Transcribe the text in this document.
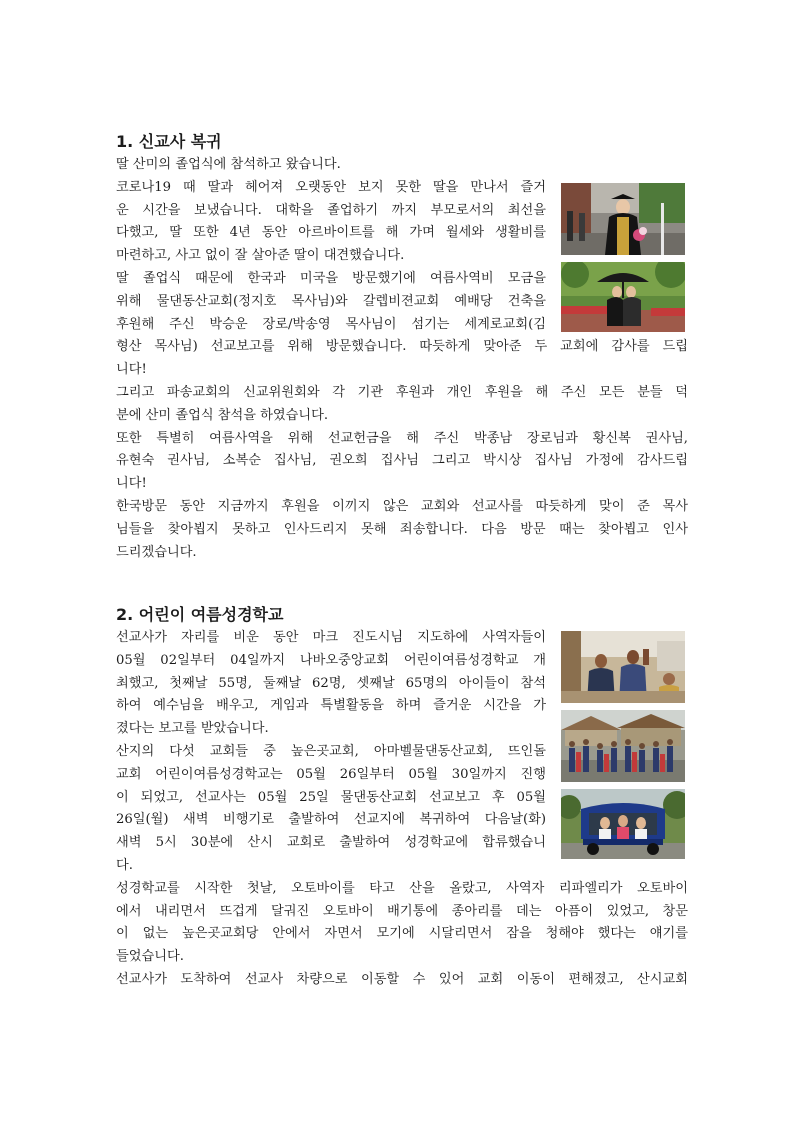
1. 신교사 복귀
딸 산미의 졸업식에 참석하고 왔습니다.
코로나19 때 딸과 헤어져 오랫동안 보지 못한 딸을 만나서 즐거
운 시간을 보냈습니다. 대학을 졸업하기 까지 부모로서의 최선을
다했고, 딸 또한 4년 동안 아르바이트를 해 가며 월세와 생활비를
마련하고, 사고 없이 잘 살아준 딸이 대견했습니다.
딸 졸업식 때문에 한국과 미국을 방문했기에 여름사역비 모금을
위해 물댄동산교회(정지호 목사님)와 갈렙비젼교회 예배당 건축을
후원해 주신 박승운 장로/박송영 목사님이 섬기는 세계로교회(김
형산 목사님) 선교보고를 위해 방문했습니다. 따듯하게 맞아준 두 교회에 감사를 드립
니다!
그리고 파송교회의 신교위원회와 각 기관 후원과 개인 후원을 해 주신 모든 분들 덕
분에 산미 졸업식 참석을 하였습니다.
또한 특별히 여름사역을 위해 선교헌금을 해 주신 박종남 장로님과 황신복 권사님,
유현숙 권사님, 소복순 집사님, 권오희 집사님 그리고 박시상 집사님 가정에 감사드립
니다!
한국방문 동안 지금까지 후원을 이끼지 않은 교회와 선교사를 따듯하게 맞이 준 목사
님들을 찾아뵙지 못하고 인사드리지 못해 죄송합니다. 다음 방문 때는 찾아뵙고 인사
드리겠습니다.
2. 어린이 여름성경학교
선교사가 자리를 비운 동안 마크 진도시님 지도하에 사역자들이
05월 02일부터 04일까지 나바오중앙교회 어린이여름성경학교 개
최했고, 첫째날 55명, 둘째날 62명, 셋째날 65명의 아이들이 참석
하여 예수님을 배우고, 게임과 특별활동을 하며 즐거운 시간을 가
졌다는 보고를 받았습니다.
산지의 다섯 교회들 중 높은곳교회, 아마벨물댄동산교회, 뜨인돌
교회 어린이여름성경학교는 05월 26일부터 05월 30일까지 진행
이 되었고, 선교사는 05월 25일 물댄동산교회 선교보고 후 05월
26일(월) 새벽 비행기로 출발하여 선교지에 복귀하여 다음날(화)
새벽 5시 30분에 산시 교회로 출발하여 성경학교에 합류했습니
다.
성경학교를 시작한 첫날, 오토바이를 타고 산을 올랐고, 사역자 리파엘리가 오토바이
에서 내리면서 뜨겁게 달궈진 오토바이 배기통에 종아리를 데는 아픔이 있었고, 창문
이 없는 높은곳교회당 안에서 자면서 모기에 시달리면서 잠을 청해야 했다는 얘기를
들었습니다.
선교사가 도착하여 선교사 차량으로 이동할 수 있어 교회 이동이 편해졌고, 산시교회
